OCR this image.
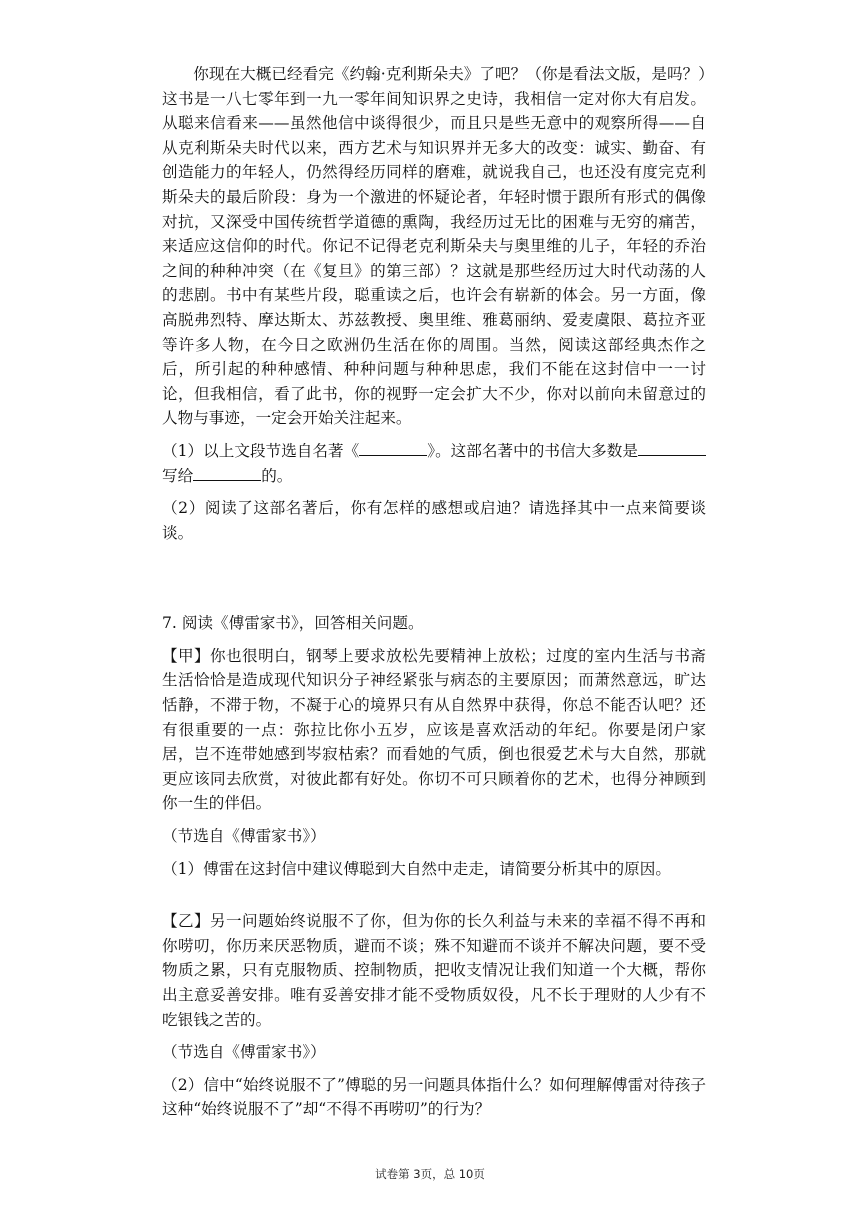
你现在大概已经看完《约翰·克利斯朵夫》了吧？（你是看法文版，是吗？）这书是一八七零年到一九一零年间知识界之史诗，我相信一定对你大有启发。从聪来信看来——虽然他信中谈得很少，而且只是些无意中的观察所得——自从克利斯朵夫时代以来，西方艺术与知识界并无多大的改变：诚实、勤奋、有创造能力的年轻人，仍然得经历同样的磨难，就说我自己，也还没有度完克利斯朵夫的最后阶段：身为一个激进的怀疑论者，年轻时惯于跟所有形式的偶像对抗，又深受中国传统哲学道德的熏陶，我经历过无比的困难与无穷的痛苦，来适应这信仰的时代。你记不记得老克利斯朵夫与奥里维的儿子，年轻的乔治之间的种种冲突（在《复旦》的第三部）？这就是那些经历过大时代动荡的人的悲剧。书中有某些片段，聪重读之后，也许会有崭新的体会。另一方面，像高脱弗烈特、摩达斯太、苏兹教授、奥里维、雅葛丽纳、爱麦虞限、葛拉齐亚等许多人物，在今日之欧洲仍生活在你的周围。当然，阅读这部经典杰作之后，所引起的种种感情、种种问题与种种思虑，我们不能在这封信中一一讨论，但我相信，看了此书，你的视野一定会扩大不少，你对以前向未留意过的人物与事迹，一定会开始关注起来。

（1）以上文段节选自名著《	》。这部名著中的书信大多数是写给	的。

（2）阅读了这部名著后，你有怎样的感想或启迪？请选择其中一点来简要谈谈。

7. 阅读《傅雷家书》，回答相关问题。

【甲】你也很明白，钢琴上要求放松先要精神上放松；过度的室内生活与书斋生活恰恰是造成现代知识分子神经紧张与病态的主要原因；而萧然意远，旷达恬静，不滞于物，不凝于心的境界只有从自然界中获得，你总不能否认吧？还有很重要的一点：弥拉比你小五岁，应该是喜欢活动的年纪。你要是闭户家居，岂不连带她感到岑寂枯索？而看她的气质，倒也很爱艺术与大自然，那就更应该同去欣赏，对彼此都有好处。你切不可只顾着你的艺术，也得分神顾到你一生的伴侣。

（节选自《傅雷家书》）

（1）傅雷在这封信中建议傅聪到大自然中走走，请简要分析其中的原因。

【乙】另一问题始终说服不了你，但为你的长久利益与未来的幸福不得不再和你唠叨，你历来厌恶物质，避而不谈；殊不知避而不谈并不解决问题，要不受物质之累，只有克服物质、控制物质，把收支情况让我们知道一个大概，帮你出主意妥善安排。唯有妥善安排才能不受物质奴役，凡不长于理财的人少有不吃银钱之苦的。

（节选自《傅雷家书》）

（2）信中“始终说服不了”傅聪的另一问题具体指什么？如何理解傅雷对待孩子这种“始终说服不了”却“不得不再唠叨”的行为？

试卷第 3页，总 10页
